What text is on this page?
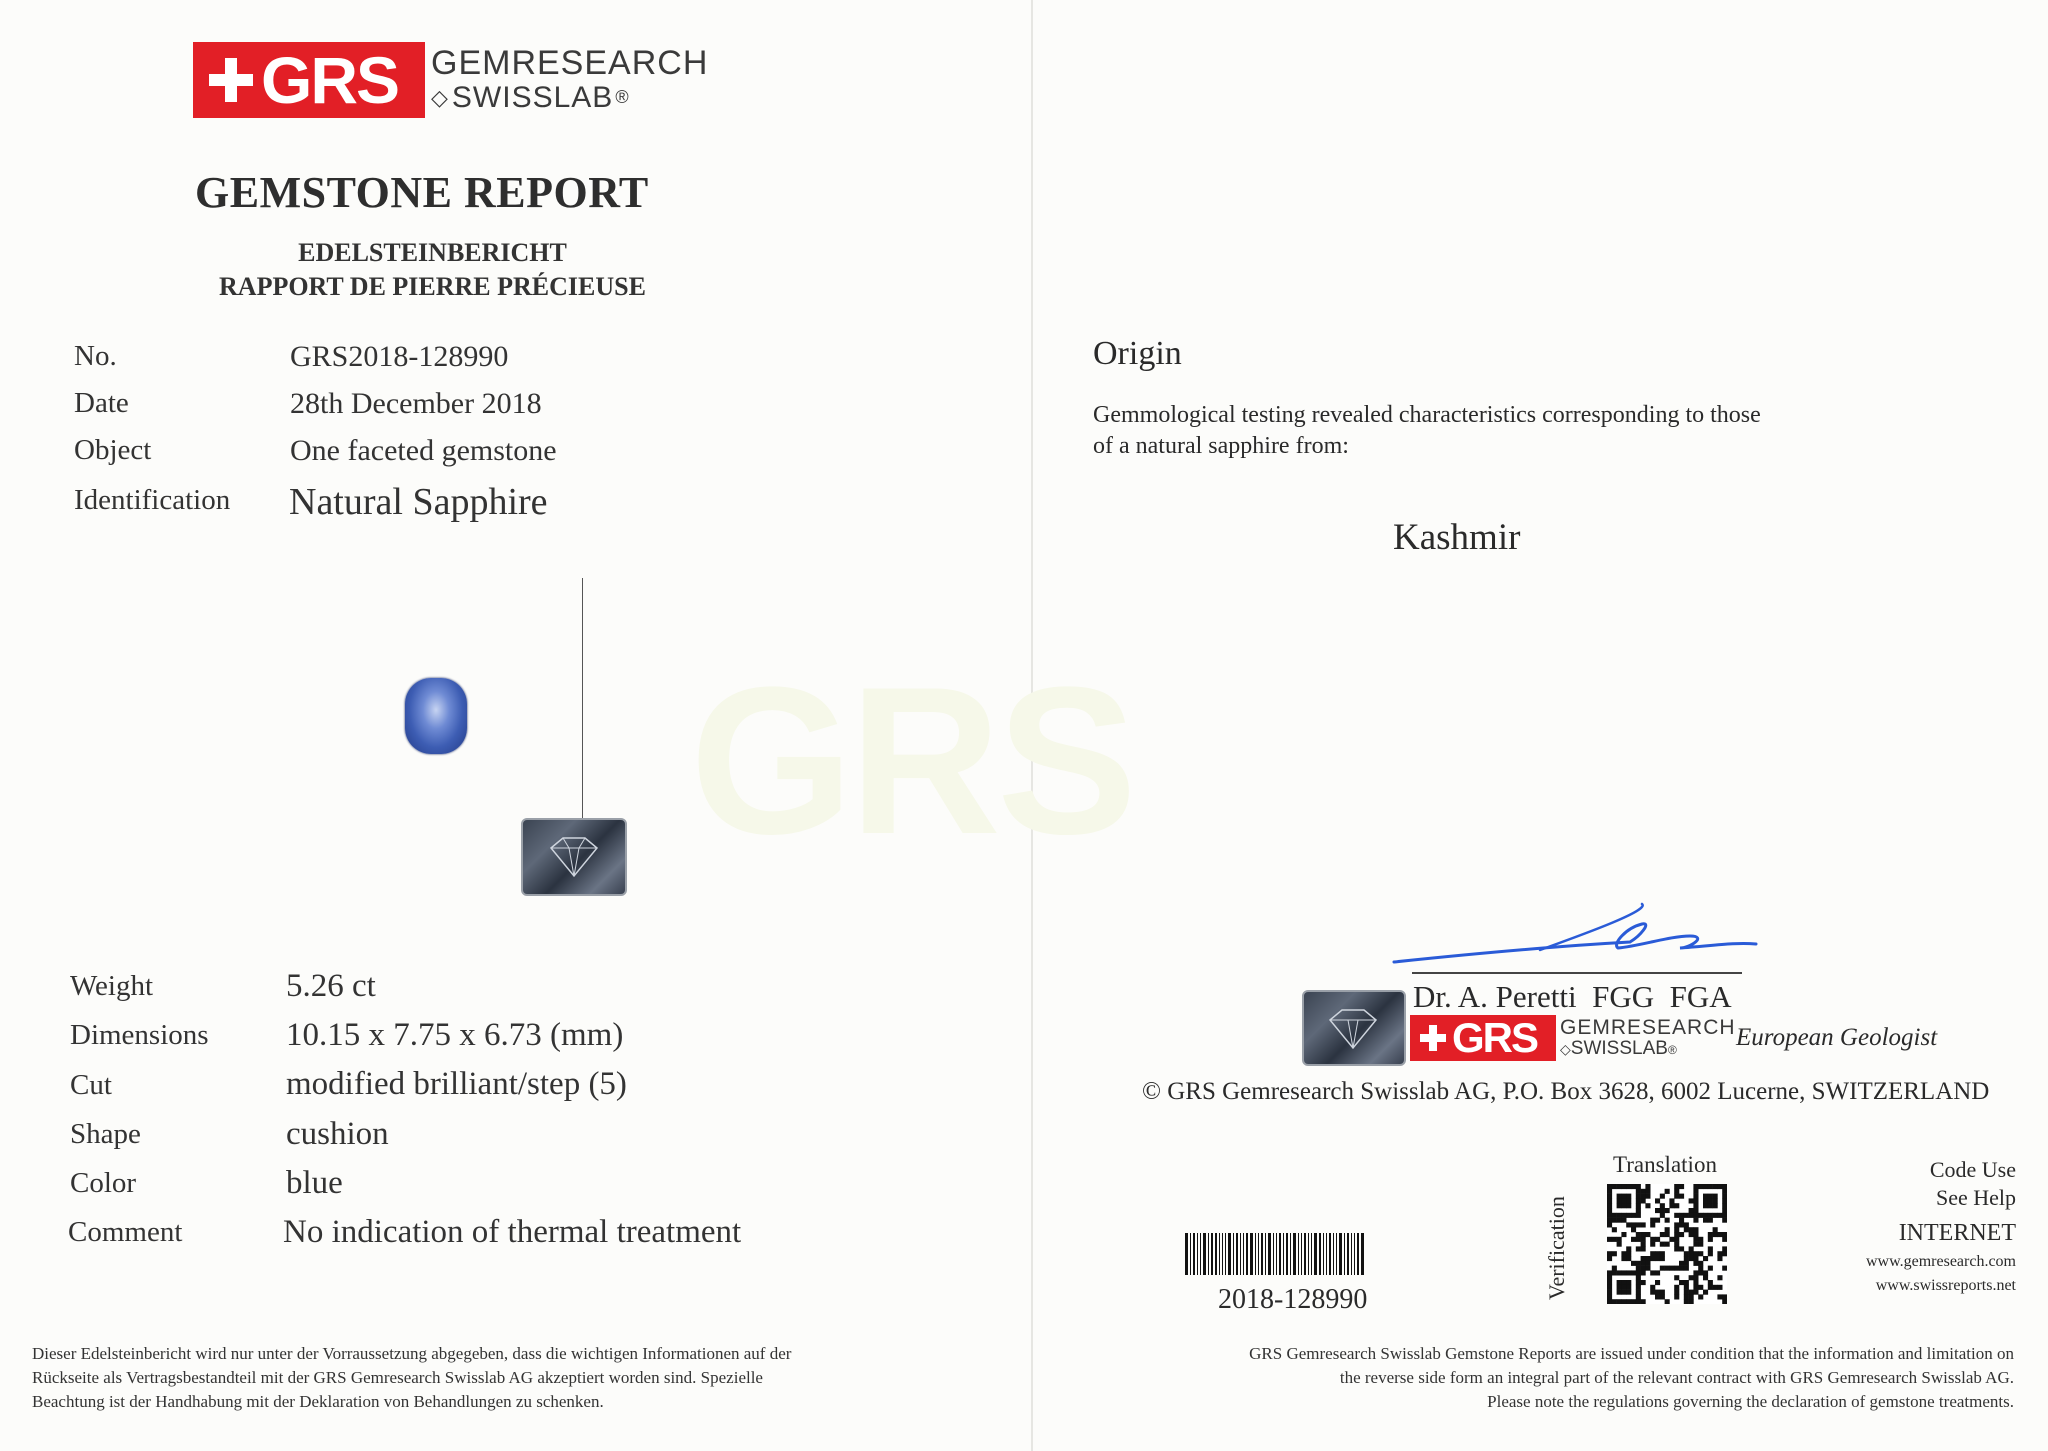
GRS GEMRESEARCH
◇ SWISSLAB ®
GEMSTONE REPORT
EDELSTEINBERICHT
RAPPORT DE PIERRE PRÉCIEUSE
No.	GRS2018-128990
Date	28th December 2018
Object	One faceted gemstone
Identification Natural Sapphire
GRS
Weight	5.26 ct
Dimensions 10.15 x 7.75 x 6.73 (mm)
Cut	modified brilliant/step (5)
Shape	cushion
Color	blue
Comment	No indication of thermal treatment
Dieser Edelsteinbericht wird nur unter der Vorraussetzung abgegeben, dass die wichtigen Informationen auf der
Rückseite als Vertragsbestandteil mit der GRS Gemresearch Swisslab AG akzeptiert worden sind. Spezielle
Beachtung ist der Handhabung mit der Deklaration von Behandlungen zu schenken.
Origin
Gemmological testing revealed characteristics corresponding to those
of a natural sapphire from:
Kashmir
Dr. A. Peretti  FGG  FGA
GRS GEMRESEARCH
◇SWISSLAB®	European Geologist
© GRS Gemresearch Swisslab AG, P.O. Box 3628, 6002 Lucerne, SWITZERLAND
2018-128990
Translation
Verification
Code Use
See Help
INTERNET
www.gemresearch.com
www.swissreports.net
GRS Gemresearch Swisslab Gemstone Reports are issued under condition that the information and limitation on
the reverse side form an integral part of the relevant contract with GRS Gemresearch Swisslab AG.
Please note the regulations governing the declaration of gemstone treatments.
